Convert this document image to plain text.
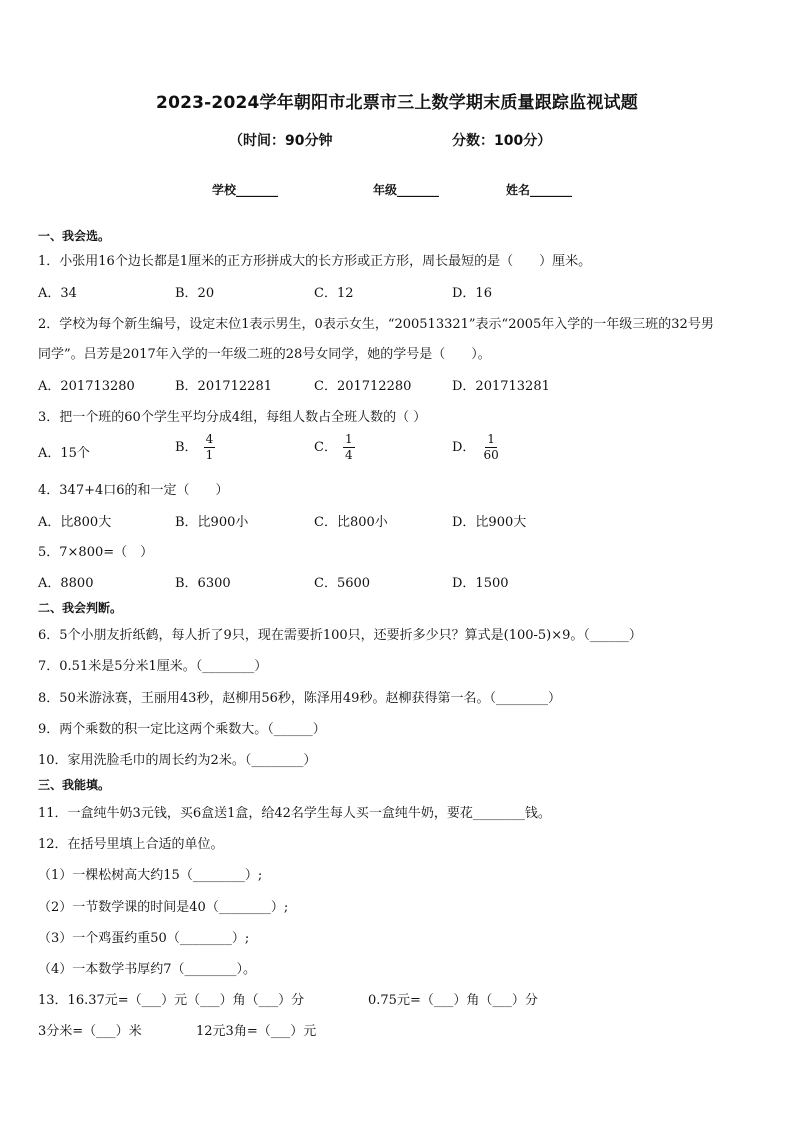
2023-2024学年朝阳市北票市三上数学期末质量跟踪监视试题
（时间：90分钟	分数：100分）
学校_______	年级_______	姓名_______
一、我会选。
1．小张用16个边长都是1厘米的正方形拼成大的长方形或正方形，周长最短的是（　　）厘米。
A．34	B．20	C．12	D．16
2．学校为每个新生编号，设定末位1表示男生，0表示女生，“200513321”表示“2005年入学的一年级三班的32号男
同学”。吕芳是2017年入学的一年级二班的28号女同学，她的学号是（　　）。
A．201713280	B．201712281	C．201712280	D．201713281
3．把一个班的60个学生平均分成4组，每组人数占全班人数的（ ）
A．15个	B． $\frac{4}{1}$	C． $\frac{1}{4}$	D． $\frac{1}{60}$
4．347+4口6的和一定（　　）
A．比800大	B．比900小	C．比800小	D．比900大
5．7×800=（　）
A．8800	B．6300	C．5600	D．1500
二、我会判断。
6．5个小朋友折纸鹤，每人折了9只，现在需要折100只，还要折多少只？算式是(100-5)×9。（______）
7．0.51米是5分米1厘米。（________）
8．50米游泳赛，王丽用43秒，赵柳用56秒，陈泽用49秒。赵柳获得第一名。（________）
9．两个乘数的积一定比这两个乘数大。（______）
10．家用洗脸毛巾的周长约为2米。（________）
三、我能填。
11．一盒纯牛奶3元钱，买6盒送1盒，给42名学生每人买一盒纯牛奶，要花________钱。
12．在括号里填上合适的单位。
（1）一棵松树高大约15（________）;
（2）一节数学课的时间是40（________）;
（3）一个鸡蛋约重50（________）;
（4）一本数学书厚约7（________）。
13．16.37元=（___）元（___）角（___）分	0.75元=（___）角（___）分
3分米=（___）米	12元3角=（___）元
